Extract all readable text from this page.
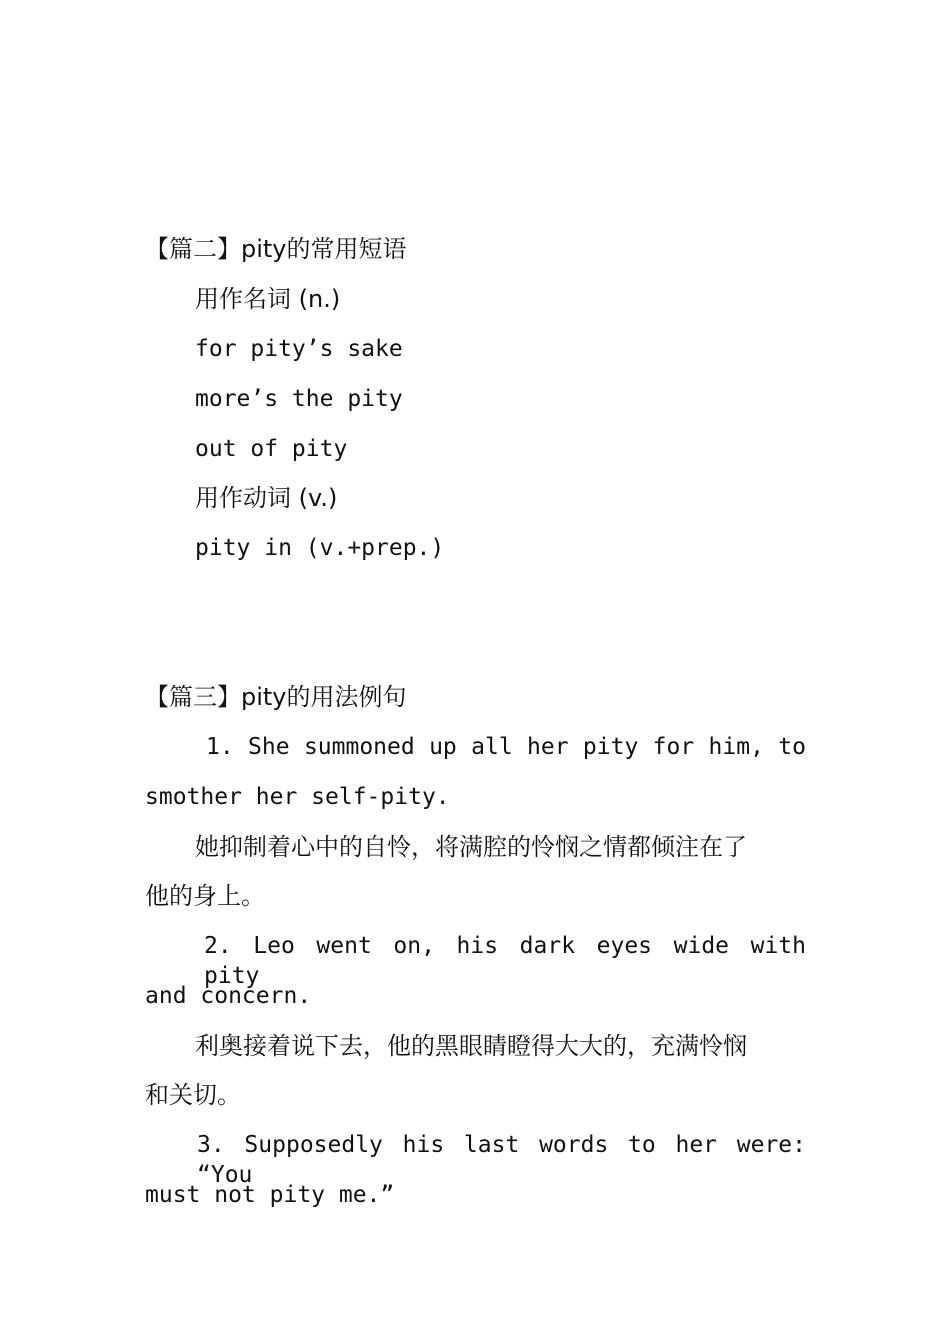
【篇二】pity的常用短语
用作名词 (n.)
for pity’s sake
more’s the pity
out of pity
用作动词 (v.)
pity in (v.+prep.)
【篇三】pity的用法例句
1. She summoned up all her pity for him, to
smother her self-pity.
她抑制着心中的自怜，将满腔的怜悯之情都倾注在了
他的身上。
2. Leo went on, his dark eyes wide with pity
and concern.
利奥接着说下去，他的黑眼睛瞪得大大的，充满怜悯
和关切。
3. Supposedly his last words to her were: “You
must not pity me.”
